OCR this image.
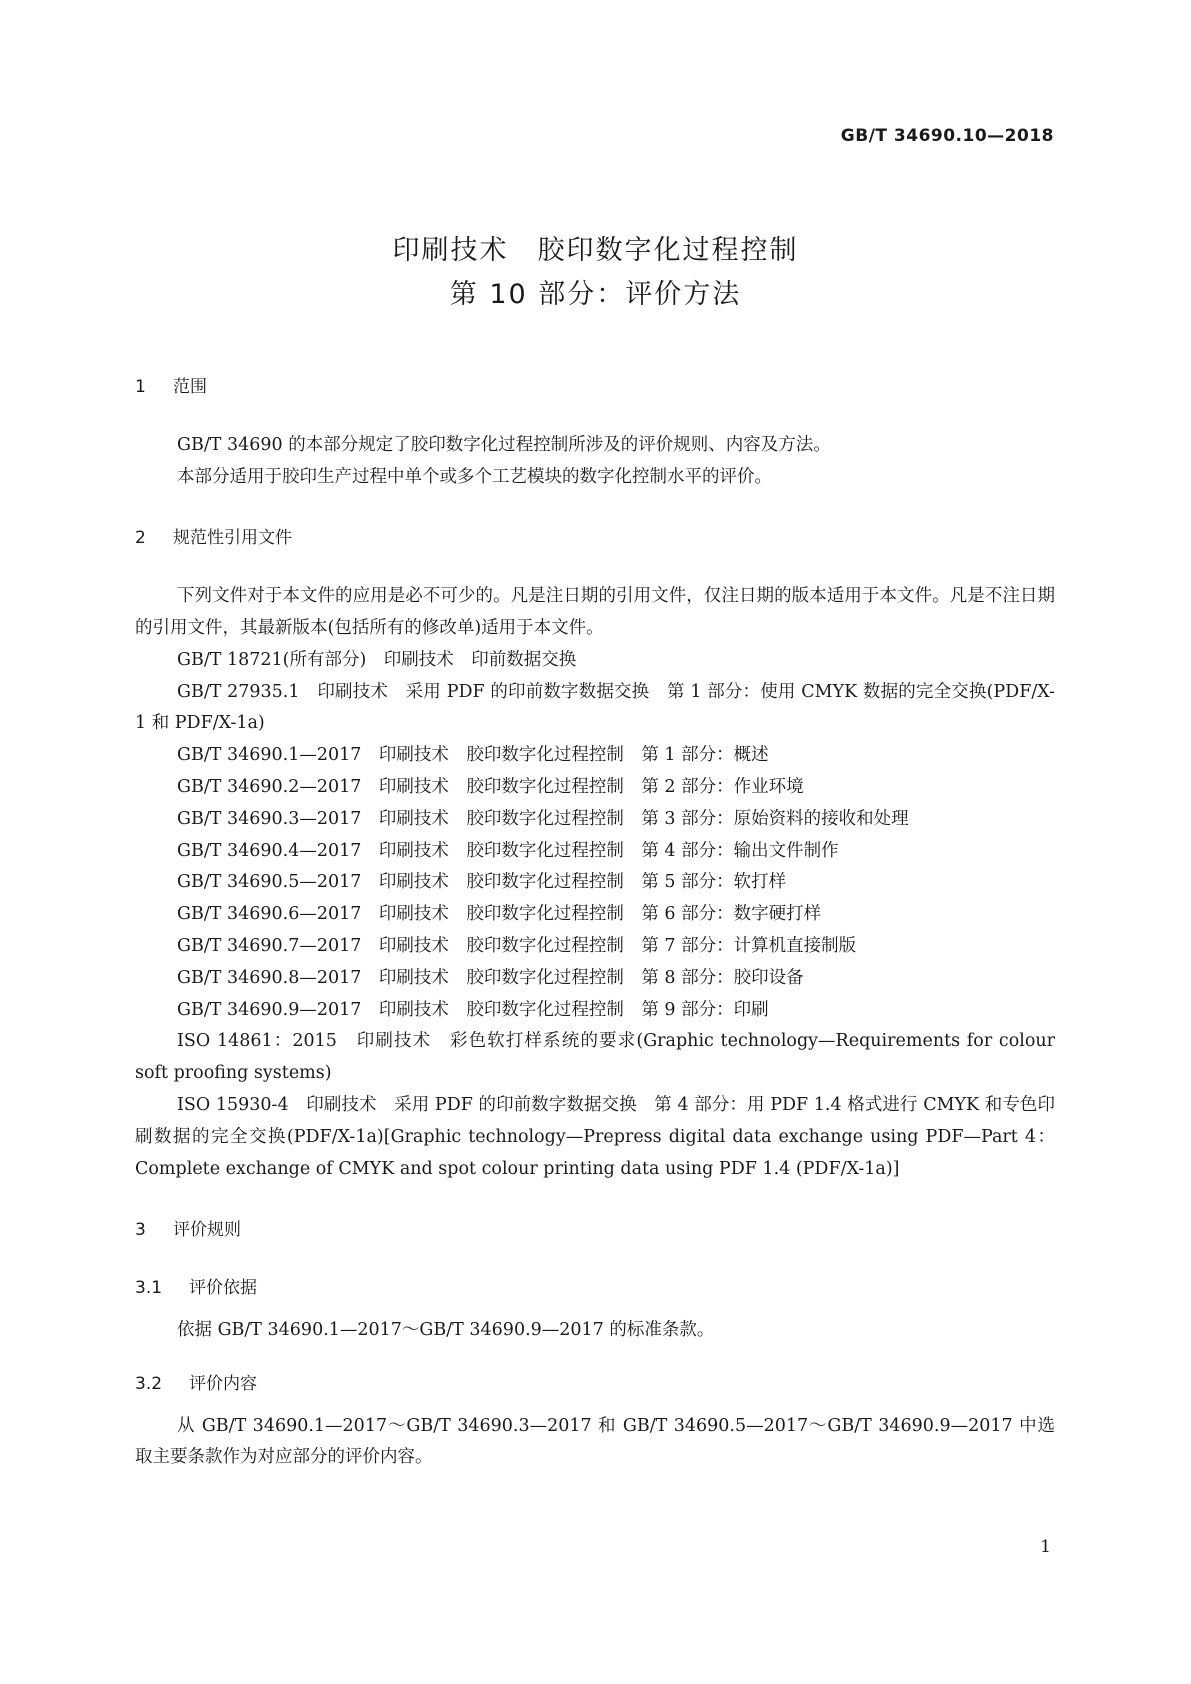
GB/T 34690.10—2018
印刷技术　胶印数字化过程控制
第 10 部分：评价方法
1 范围

GB/T 34690 的本部分规定了胶印数字化过程控制所涉及的评价规则、内容及方法。

本部分适用于胶印生产过程中单个或多个工艺模块的数字化控制水平的评价。

2 规范性引用文件

下列文件对于本文件的应用是必不可少的。凡是注日期的引用文件，仅注日期的版本适用于本文件。凡是不注日期的引用文件，其最新版本(包括所有的修改单)适用于本文件。

GB/T 18721(所有部分)　印刷技术　印前数据交换

GB/T 27935.1　印刷技术　采用 PDF 的印前数字数据交换　第 1 部分：使用 CMYK 数据的完全交换(PDF/X-1 和 PDF/X-1a)

GB/T 34690.1—2017　印刷技术　胶印数字化过程控制　第 1 部分：概述

GB/T 34690.2—2017　印刷技术　胶印数字化过程控制　第 2 部分：作业环境

GB/T 34690.3—2017　印刷技术　胶印数字化过程控制　第 3 部分：原始资料的接收和处理

GB/T 34690.4—2017　印刷技术　胶印数字化过程控制　第 4 部分：输出文件制作

GB/T 34690.5—2017　印刷技术　胶印数字化过程控制　第 5 部分：软打样

GB/T 34690.6—2017　印刷技术　胶印数字化过程控制　第 6 部分：数字硬打样

GB/T 34690.7—2017　印刷技术　胶印数字化过程控制　第 7 部分：计算机直接制版

GB/T 34690.8—2017　印刷技术　胶印数字化过程控制　第 8 部分：胶印设备

GB/T 34690.9—2017　印刷技术　胶印数字化过程控制　第 9 部分：印刷

ISO 14861：2015　印刷技术　彩色软打样系统的要求(Graphic technology—Requirements for colour soft proofing systems)

ISO 15930-4　印刷技术　采用 PDF 的印前数字数据交换　第 4 部分：用 PDF 1.4 格式进行 CMYK 和专色印刷数据的完全交换(PDF/X-1a)[Graphic technology—Prepress digital data exchange using PDF—Part 4：Complete exchange of CMYK and spot colour printing data using PDF 1.4 (PDF/X-1a)]

3 评价规则
3.1 评价依据

依据 GB/T 34690.1—2017～GB/T 34690.9—2017 的标准条款。

3.2 评价内容

从 GB/T 34690.1—2017～GB/T 34690.3—2017 和 GB/T 34690.5—2017～GB/T 34690.9—2017 中选取主要条款作为对应部分的评价内容。

1
